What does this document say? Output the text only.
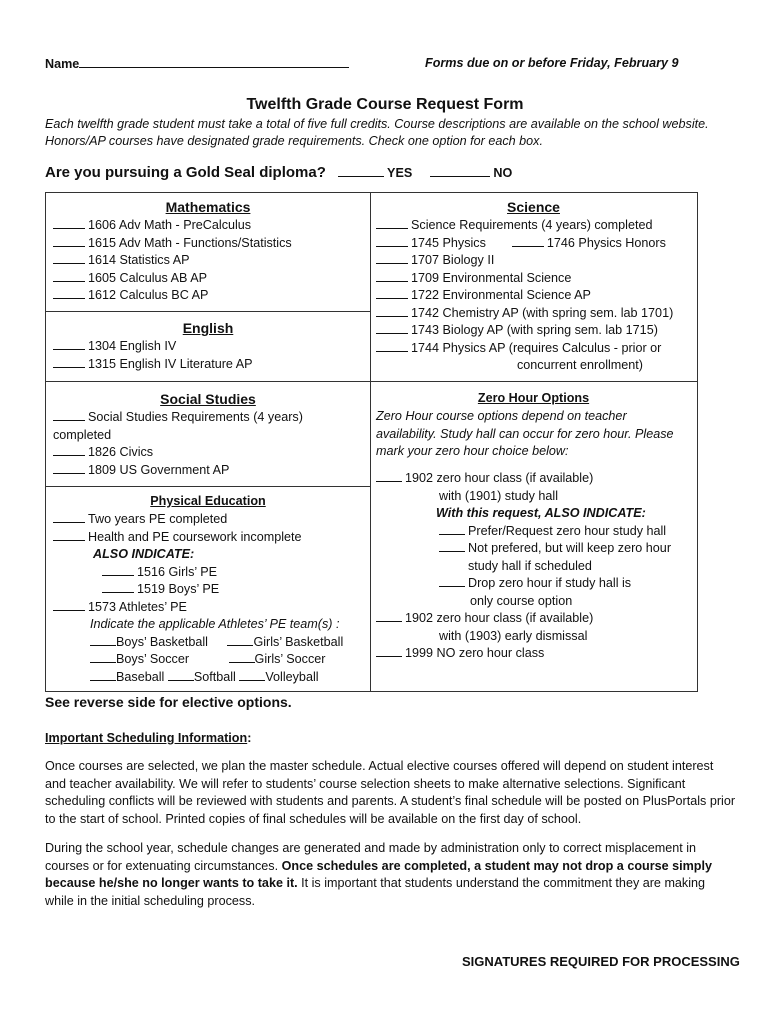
Name	Forms due on or before Friday, February 9
Twelfth Grade Course Request Form
Each twelfth grade student must take a total of five full credits. Course descriptions are available on the school website.
Honors/AP courses have designated grade requirements. Check one option for each box.
Are you pursuing a Gold Seal diploma?	YES	NO
Mathematics
1606 Adv Math - PreCalculus
1615 Adv Math - Functions/Statistics
1614 Statistics AP
1605 Calculus AB AP
1612 Calculus BC AP
English
1304 English IV
1315 English IV Literature AP
Science
Science Requirements (4 years) completed
1745 Physics	1746 Physics Honors
1707 Biology II
1709 Environmental Science
1722 Environmental Science AP
1742 Chemistry AP (with spring sem. lab 1701)
1743 Biology AP (with spring sem. lab 1715)
1744 Physics AP (requires Calculus - prior or
concurrent enrollment)
Social Studies
Social Studies Requirements (4 years)
completed
1826 Civics
1809 US Government AP
Physical Education
Two years PE completed
Health and PE coursework incomplete
ALSO INDICATE:
1516 Girls’ PE
1519 Boys’ PE
1573 Athletes’ PE
Indicate the applicable Athletes’ PE team(s) :
Boys’ Basketball	Girls’ Basketball
Boys’ Soccer	Girls’ Soccer
Baseball Softball Volleyball
Zero Hour Options
Zero Hour course options depend on teacher
availability. Study hall can occur for zero hour. Please
mark your zero hour choice below:
1902 zero hour class (if available)
with (1901) study hall
With this request, ALSO INDICATE:
Prefer/Request zero hour study hall
Not prefered, but will keep zero hour
study hall if scheduled
Drop zero hour if study hall is
only course option
1902 zero hour class (if available)
with (1903) early dismissal
1999 NO zero hour class
See reverse side for elective options.
Important Scheduling Information:
Once courses are selected, we plan the master schedule. Actual elective courses offered will depend on student interest and teacher availability. We will refer to students’ course selection sheets to make alternative selections. Significant scheduling conflicts will be reviewed with students and parents. A student’s final schedule will be posted on PlusPortals prior to the start of school. Printed copies of final schedules will be available on the first day of school.
During the school year, schedule changes are generated and made by administration only to correct misplacement in courses or for extenuating circumstances. Once schedules are completed, a student may not drop a course simply because he/she no longer wants to take it. It is important that students understand the commitment they are making while in the initial scheduling process.
SIGNATURES REQUIRED FOR PROCESSING
